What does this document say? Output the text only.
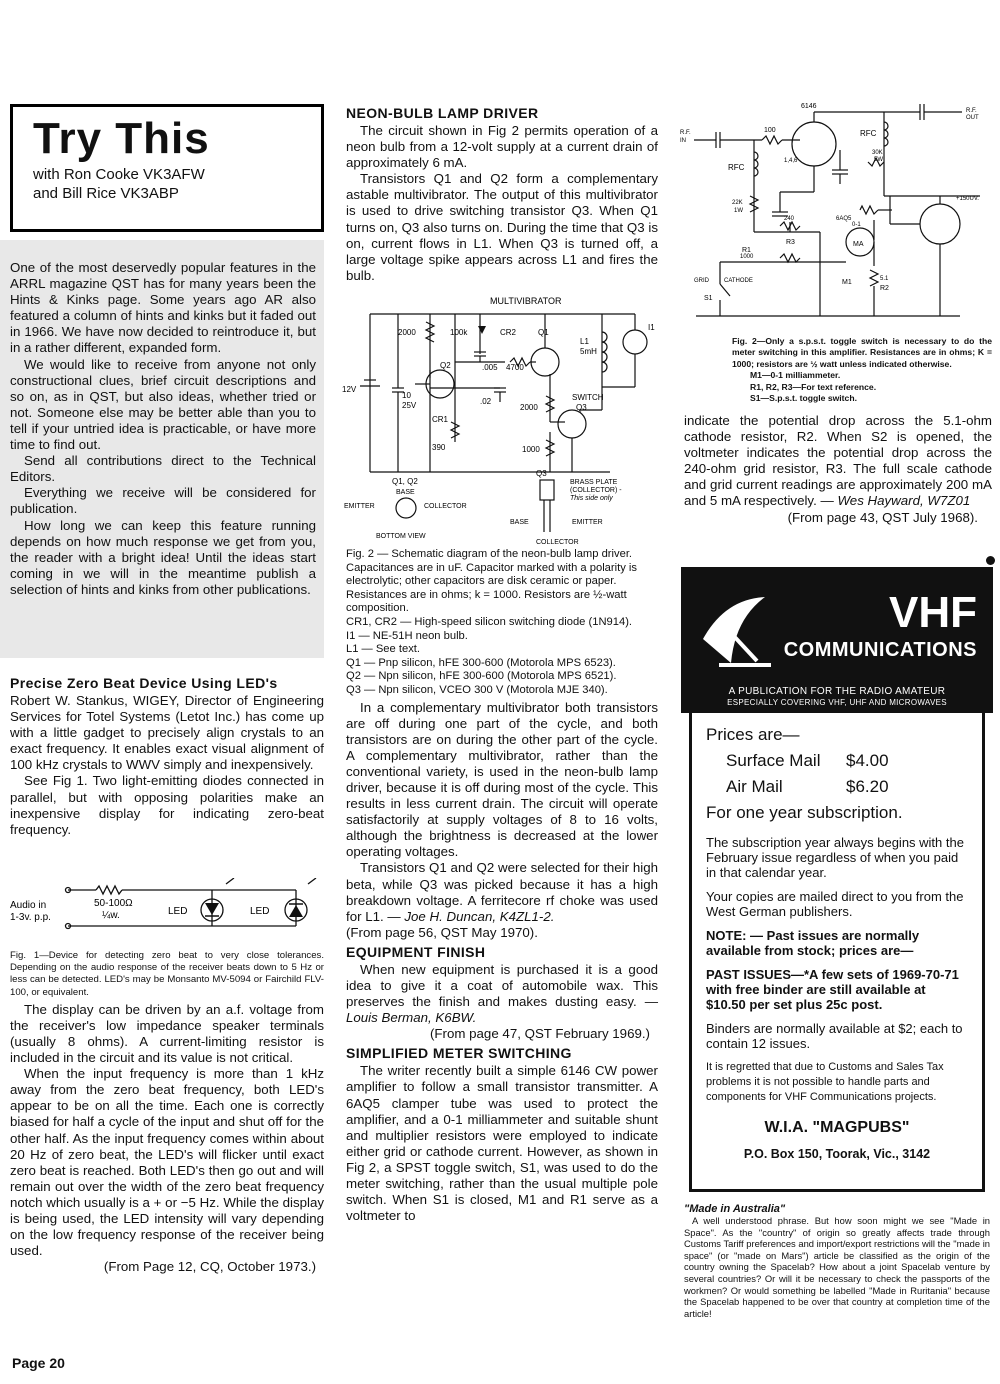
Try This
with Ron Cooke VK3AFW
and Bill Rice VK3ABP

One of the most deservedly popular features in the ARRL magazine QST has for many years been the Hints & Kinks page. Some years ago AR also featured a column of hints and kinks but it faded out in 1966. We have now decided to reintroduce it, but in a rather different, expanded form.

We would like to receive from anyone not only constructional clues, brief circuit descriptions and so on, as in QST, but also ideas, whether tried or not. Someone else may be better able than you to tell if your untried idea is practicable, or have more time to find out.

Send all contributions direct to the Technical Editors.

Everything we receive will be considered for publication.

How long we can keep this feature running depends on how much response we get from you, the reader with a bright idea! Until the ideas start coming in we will in the meantime publish a selection of hints and kinks from other publications.

Precise Zero Beat Device Using LED's

Robert W. Stankus, WIGEY, Director of Engineering Services for Totel Systems (Letot Inc.) has come up with a little gadget to precisely align crystals to an exact frequency. It enables exact visual alignment of 100 kHz crystals to WWV simply and inexpensively.

See Fig 1. Two light-emitting diodes connected in parallel, but with opposing polarities make an inexpensive display for indicating zero-beat frequency.

Audio in
1-3v. p.p.
50-100Ω
¼w.	LED	LED
Fig. 1—Device for detecting zero beat to very close tolerances. Depending on the audio response of the receiver beats down to 5 Hz or less can be detected. LED's may be Monsanto MV-5094 or Fairchild FLV-100, or equivalent.

The display can be driven by an a.f. voltage from the receiver's low impedance speaker terminals (usually 8 ohms). A current-limiting resistor is included in the circuit and its value is not critical.

When the input frequency is more than 1 kHz away from the zero beat frequency, both LED's appear to be on all the time. Each one is correctly biased for half a cycle of the input and shut off for the other half. As the input frequency comes within about 20 Hz of zero beat, the LED's will flicker until exact zero beat is reached. Both LED's then go out and will remain out over the width of the zero beat frequency notch which usually is a + or −5 Hz. While the display is being used, the LED intensity will vary depending on the low frequency response of the receiver being used.

(From Page 12, CQ, October 1973.)
Page 20
NEON-BULB LAMP DRIVER

The circuit shown in Fig 2 permits operation of a neon bulb from a 12-volt supply at a current drain of approximately 6 mA.

Transistors Q1 and Q2 form a complementary astable multivibrator. The output of this multivibrator is used to drive switching transistor Q3. When Q1 turns on, Q3 also turns on. During the time that Q3 is on, current flows in L1. When Q3 is turned off, a large voltage spike appears across L1 and fires the bulb.

MULTIVIBRATOR
2000	100k	CR2	Q1
L1
5mH
I1
12V
10
25V
Q2	.005 4700
.02	SWITCH
Q3
2000
CR1
390	1000
Q1, Q2
BASE
EMITTER	COLLECTOR
BOTTOM VIEW
Q3
BRASS PLATE
(COLLECTOR) -
This side only
BASE	EMITTER
COLLECTOR
Fig. 2 — Schematic diagram of the neon-bulb lamp driver. Capacitances are in uF. Capacitor marked with a polarity is electrolytic; other capacitors are disk ceramic or paper. Resistances are in ohms; k = 1000. Resistors are ½-watt composition.
CR1, CR2 — High-speed silicon switching diode (1N914).
I1 — NE-51H neon bulb.
L1 — See text.
Q1 — Pnp silicon, hFE 300-600 (Motorola MPS 6523).
Q2 — Npn silicon, hFE 300-600 (Motorola MPS 6521).
Q3 — Npn silicon, VCEO 300 V (Motorola MJE 340).

In a complementary multivibrator both transistors are off during one part of the cycle, and both transistors are on during the other part of the cycle. A complementary multivibrator, rather than the conventional variety, is used in the neon-bulb lamp driver, because it is off during most of the cycle. This results in less current drain. The circuit will operate satisfactorily at supply voltages of 8 to 16 volts, although the brightness is decreased at the lower operating voltages.

Transistors Q1 and Q2 were selected for their high beta, while Q3 was picked because it has a high breakdown voltage. A ferritecore rf choke was used for L1. — Joe H. Duncan, K4ZL1-2.

(From page 56, QST May 1970).

EQUIPMENT FINISH

When new equipment is purchased it is a good idea to give it a coat of automobile wax. This preserves the finish and makes dusting easy. — Louis Berman, K6BW.

(From page 47, QST February 1969.)
SIMPLIFIED METER SWITCHING

The writer recently built a simple 6146 CW power amplifier to follow a small transistor transmitter. A 6AQ5 clamper tube was used to protect the amplifier, and a 0-1 milliammeter and suitable shunt and multiplier resistors were employed to indicate either grid or cathode current. However, as shown in Fig 2, a SPST toggle switch, S1, was used to do the meter switching, rather than the usual multiple pole switch. When S1 is closed, M1 and R1 serve as a voltmeter to

6146
R.F.
IN
R.F.
OUT
100
RFC
RFC
1,4,6
22K
1W
240
R3
30K
5W
+150UV.
6AQ5
1000
R1
MA
M1
0-1
5.1
R2
GRID	CATHODE
S1
Fig. 2—Only a s.p.s.t. toggle switch is necessary to do the meter switching in this amplifier. Resistances are in ohms; K = 1000; resistors are ½ watt unless indicated otherwise.
M1—0-1 milliammeter.
R1, R2, R3—For text reference.
S1—S.p.s.t. toggle switch.

indicate the potential drop across the 5.1-ohm cathode resistor, R2. When S2 is opened, the voltmeter indicates the potential drop across the 240-ohm grid resistor, R3. The full scale cathode and grid current readings are approximately 200 mA and 5 mA respectively. — Wes Hayward, W7Z01

(From page 43, QST July 1968).
VHF
COMMUNICATIONS
A PUBLICATION FOR THE RADIO AMATEUR
ESPECIALLY COVERING VHF, UHF AND MICROWAVES
Prices are—
Surface Mail $4.00
Air Mail	$6.20
For one year subscription.
The subscription year always begins with the February issue regardless of when you paid in that calendar year.
Your copies are mailed direct to you from the West German publishers.
NOTE: — Past issues are normally available from stock; prices are—
PAST ISSUES—*A few sets of 1969-70-71 with free binder are still available at $10.50 per set plus 25c post.
Binders are normally available at $2; each to contain 12 issues.
It is regretted that due to Customs and Sales Tax problems it is not possible to handle parts and components for VHF Communications projects.
W.I.A. "MAGPUBS"
P.O. Box 150, Toorak, Vic., 3142
"Made in Australia"
A well understood phrase. But how soon might we see "Made in Space". As the "country" of origin so greatly affects trade through Customs Tariff preferences and import/export restrictions will the "made in space" (or "made on Mars") article be classified as the origin of the country owning the Spacelab? How about a joint Spacelab venture by several countries? Or will it be necessary to check the passports of the workmen? Or would something be labelled "Made in Ruritania" because the Spacelab happened to be over that country at completion time of the article!
